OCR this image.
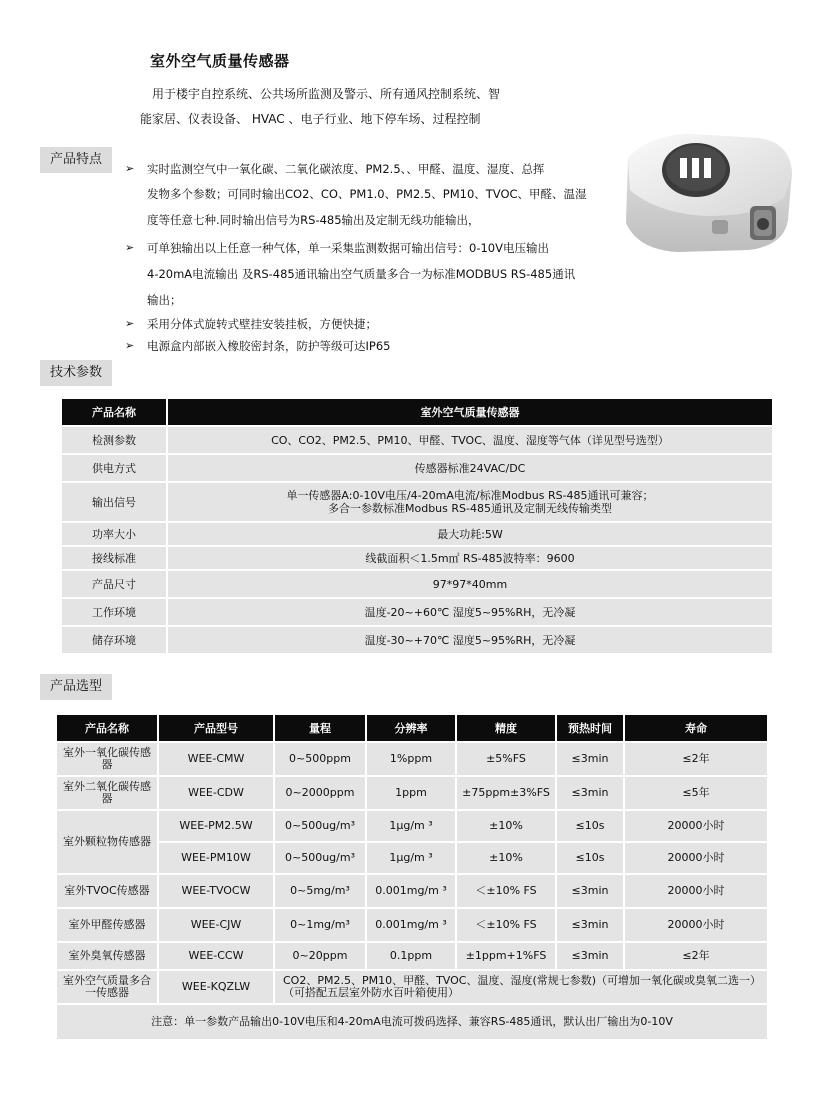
室外空气质量传感器
用于楼宇自控系统、公共场所监测及警示、所有通风控制系统、智
能家居、仪表设备、 HVAC 、电子行业、地下停车场、过程控制
产品特点
➢ 实时监测空气中一氧化碳、二氧化碳浓度、PM2.5、、甲醛、温度、湿度、总挥
发物多个参数；可同时输出CO2、CO、PM1.0、PM2.5、PM10、TVOC、甲醛、温湿
度等任意七种.同时输出信号为RS-485输出及定制无线功能输出，
➢ 可单独输出以上任意一种气体，单一采集监测数据可输出信号：0-10V电压输出
4-20mA电流输出 及RS-485通讯输出空气质量多合一为标准MODBUS RS-485通讯
输出；
➢ 采用分体式旋转式壁挂安装挂板，方便快捷；
➢ 电源盒内部嵌入橡胶密封条，防护等级可达IP65
技术参数
产品名称	室外空气质量传感器
检测参数	CO、CO2、PM2.5、PM10、甲醛、TVOC、温度、湿度等气体（详见型号选型）
供电方式	传感器标准24VAC/DC
输出信号	单一传感器A:0-10V电压/4-20mA电流/标准Modbus RS-485通讯可兼容；
多合一参数标准Modbus RS-485通讯及定制无线传输类型

功率大小	最大功耗:5W
接线标准	线截面积＜1.5m㎡ RS-485波特率：9600
产品尺寸	97*97*40mm
工作环境	温度-20~+60℃ 湿度5~95%RH，无冷凝
储存环境	温度-30~+70℃ 湿度5~95%RH，无冷凝
产品选型
产品名称	产品型号	量程	分辨率	精度	预热时间	寿命
室外一氧化碳传感器	WEE-CMW	0~500ppm	1%ppm	±5%FS	≤3min	≤2年
室外二氧化碳传感器	WEE-CDW	0~2000ppm	1ppm	±75ppm±3%FS	≤3min	≤5年
室外颗粒物传感器	WEE-PM2.5W	0~500ug/m³	1μg/m ³	±10%	≤10s	20000小时
	WEE-PM10W	0~500ug/m³	1μg/m ³	±10%	≤10s	20000小时
室外TVOC传感器	WEE-TVOCW	0~5mg/m³	0.001mg/m ³	＜±10% FS	≤3min	20000小时
室外甲醛传感器	WEE-CJW	0~1mg/m³	0.001mg/m ³	＜±10% FS	≤3min	20000小时
室外臭氧传感器	WEE-CCW	0~20ppm	0.1ppm	±1ppm+1%FS	≤3min	≤2年
室外空气质量多合一传感器	WEE-KQZLW	CO2、PM2.5、PM10、甲醛、TVOC、温度、湿度(常规七参数)（可增加一氧化碳或臭氧二选一）
（可搭配五层室外防水百叶箱使用）				

注意：单一参数产品输出0-10V电压和4-20mA电流可拨码选择、兼容RS-485通讯，默认出厂输出为0-10V						
